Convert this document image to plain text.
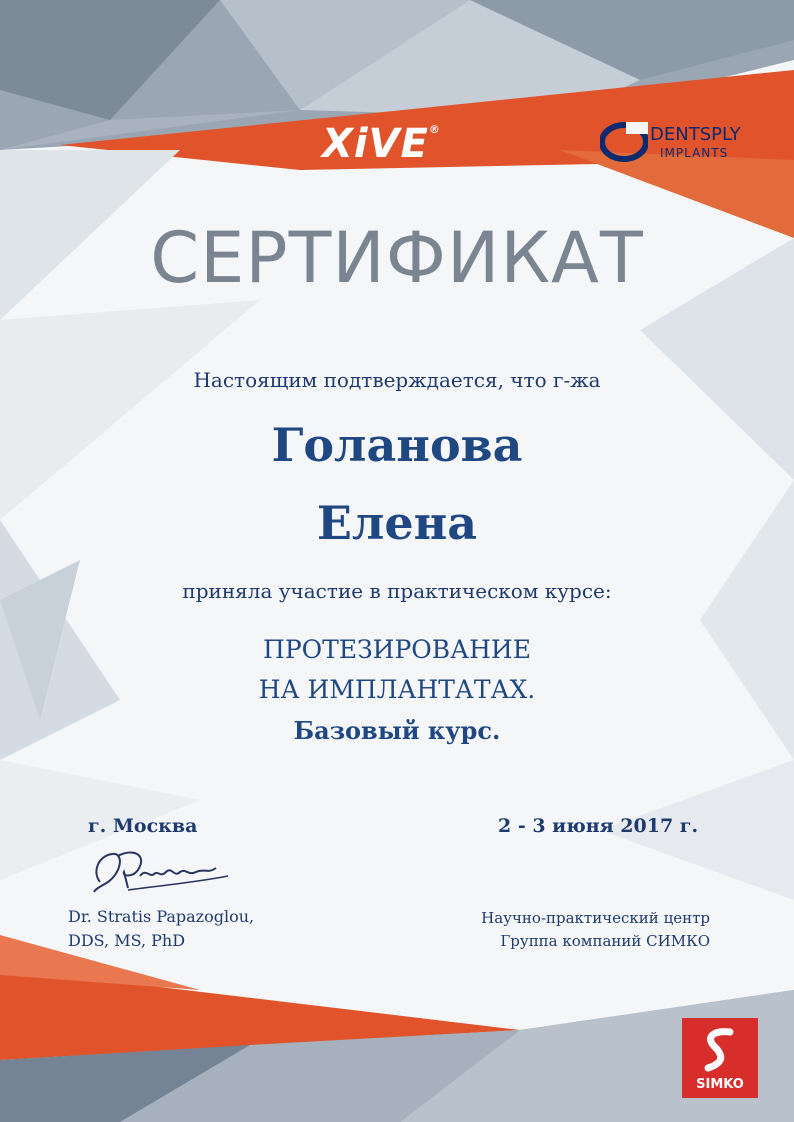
XiVE®	DENTSPLY
IMPLANTS
СЕРТИФИКАТ
Настоящим подтверждается, что г-жа
Голанова
Елена
приняла участие в практическом курсе:
ПРОТЕЗИРОВАНИЕ
НА ИМПЛАНТАТАХ.
Базовый курс.
г. Москва	2 - 3 июня 2017 г.
Dr. Stratis Papazoglou,
DDS, MS, PhD
Научно-практический центр
Группа компаний СИМКО
SIMKO
